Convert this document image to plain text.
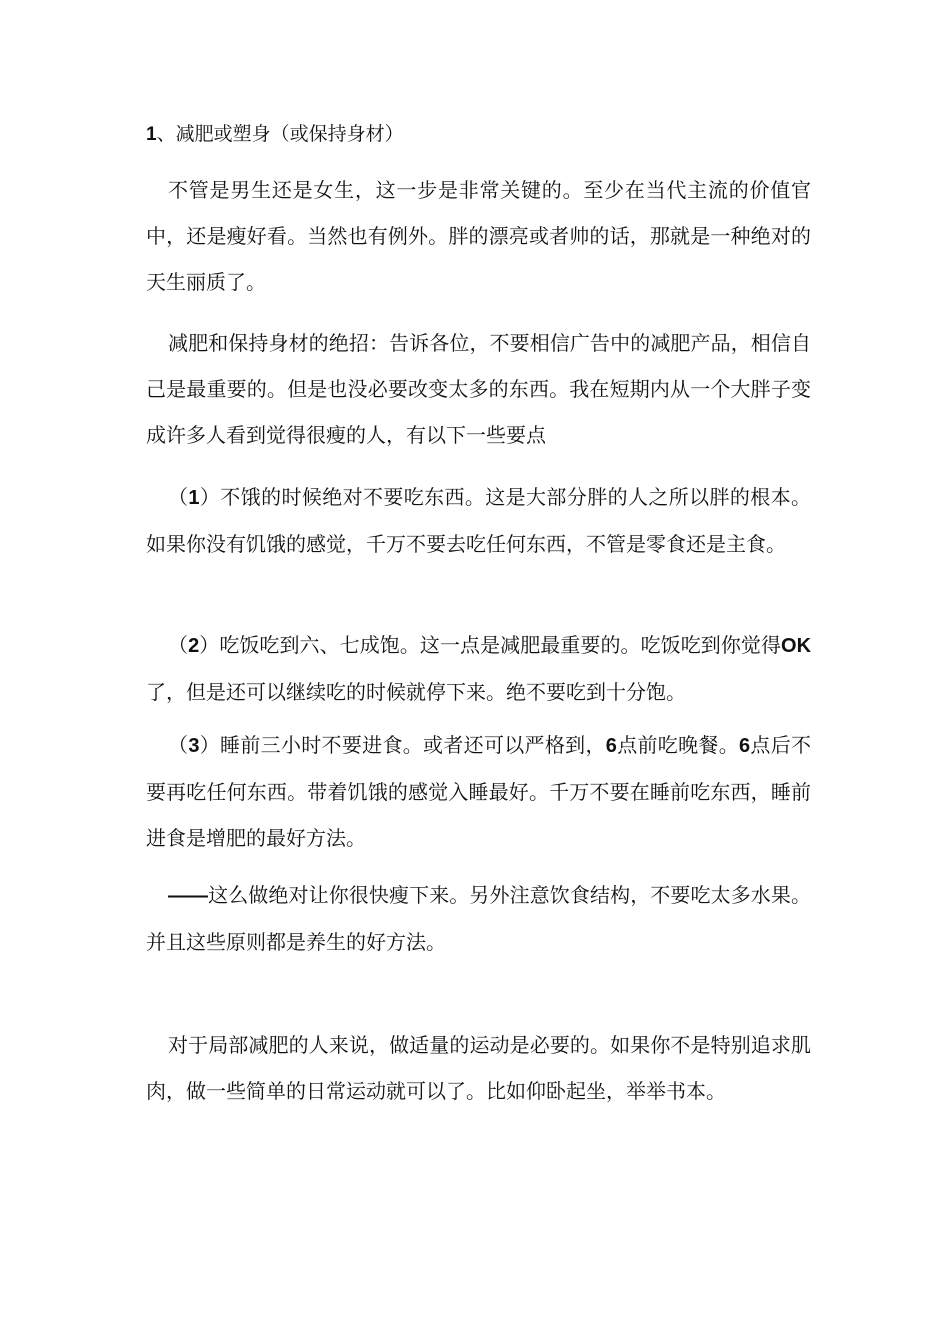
1、减肥或塑身（或保持身材）

不管是男生还是女生，这一步是非常关键的。至少在当代主流的价值官中，还是瘦好看。当然也有例外。胖的漂亮或者帅的话，那就是一种绝对的天生丽质了。

减肥和保持身材的绝招：告诉各位，不要相信广告中的减肥产品，相信自己是最重要的。但是也没必要改变太多的东西。我在短期内从一个大胖子变成许多人看到觉得很瘦的人，有以下一些要点

（1）不饿的时候绝对不要吃东西。这是大部分胖的人之所以胖的根本。如果你没有饥饿的感觉，千万不要去吃任何东西，不管是零食还是主食。

（2）吃饭吃到六、七成饱。这一点是减肥最重要的。吃饭吃到你觉得OK了，但是还可以继续吃的时候就停下来。绝不要吃到十分饱。

（3）睡前三小时不要进食。或者还可以严格到，6点前吃晚餐。6点后不要再吃任何东西。带着饥饿的感觉入睡最好。千万不要在睡前吃东西，睡前进食是增肥的最好方法。

——这么做绝对让你很快瘦下来。另外注意饮食结构，不要吃太多水果。并且这些原则都是养生的好方法。

对于局部减肥的人来说，做适量的运动是必要的。如果你不是特别追求肌肉，做一些简单的日常运动就可以了。比如仰卧起坐，举举书本。
